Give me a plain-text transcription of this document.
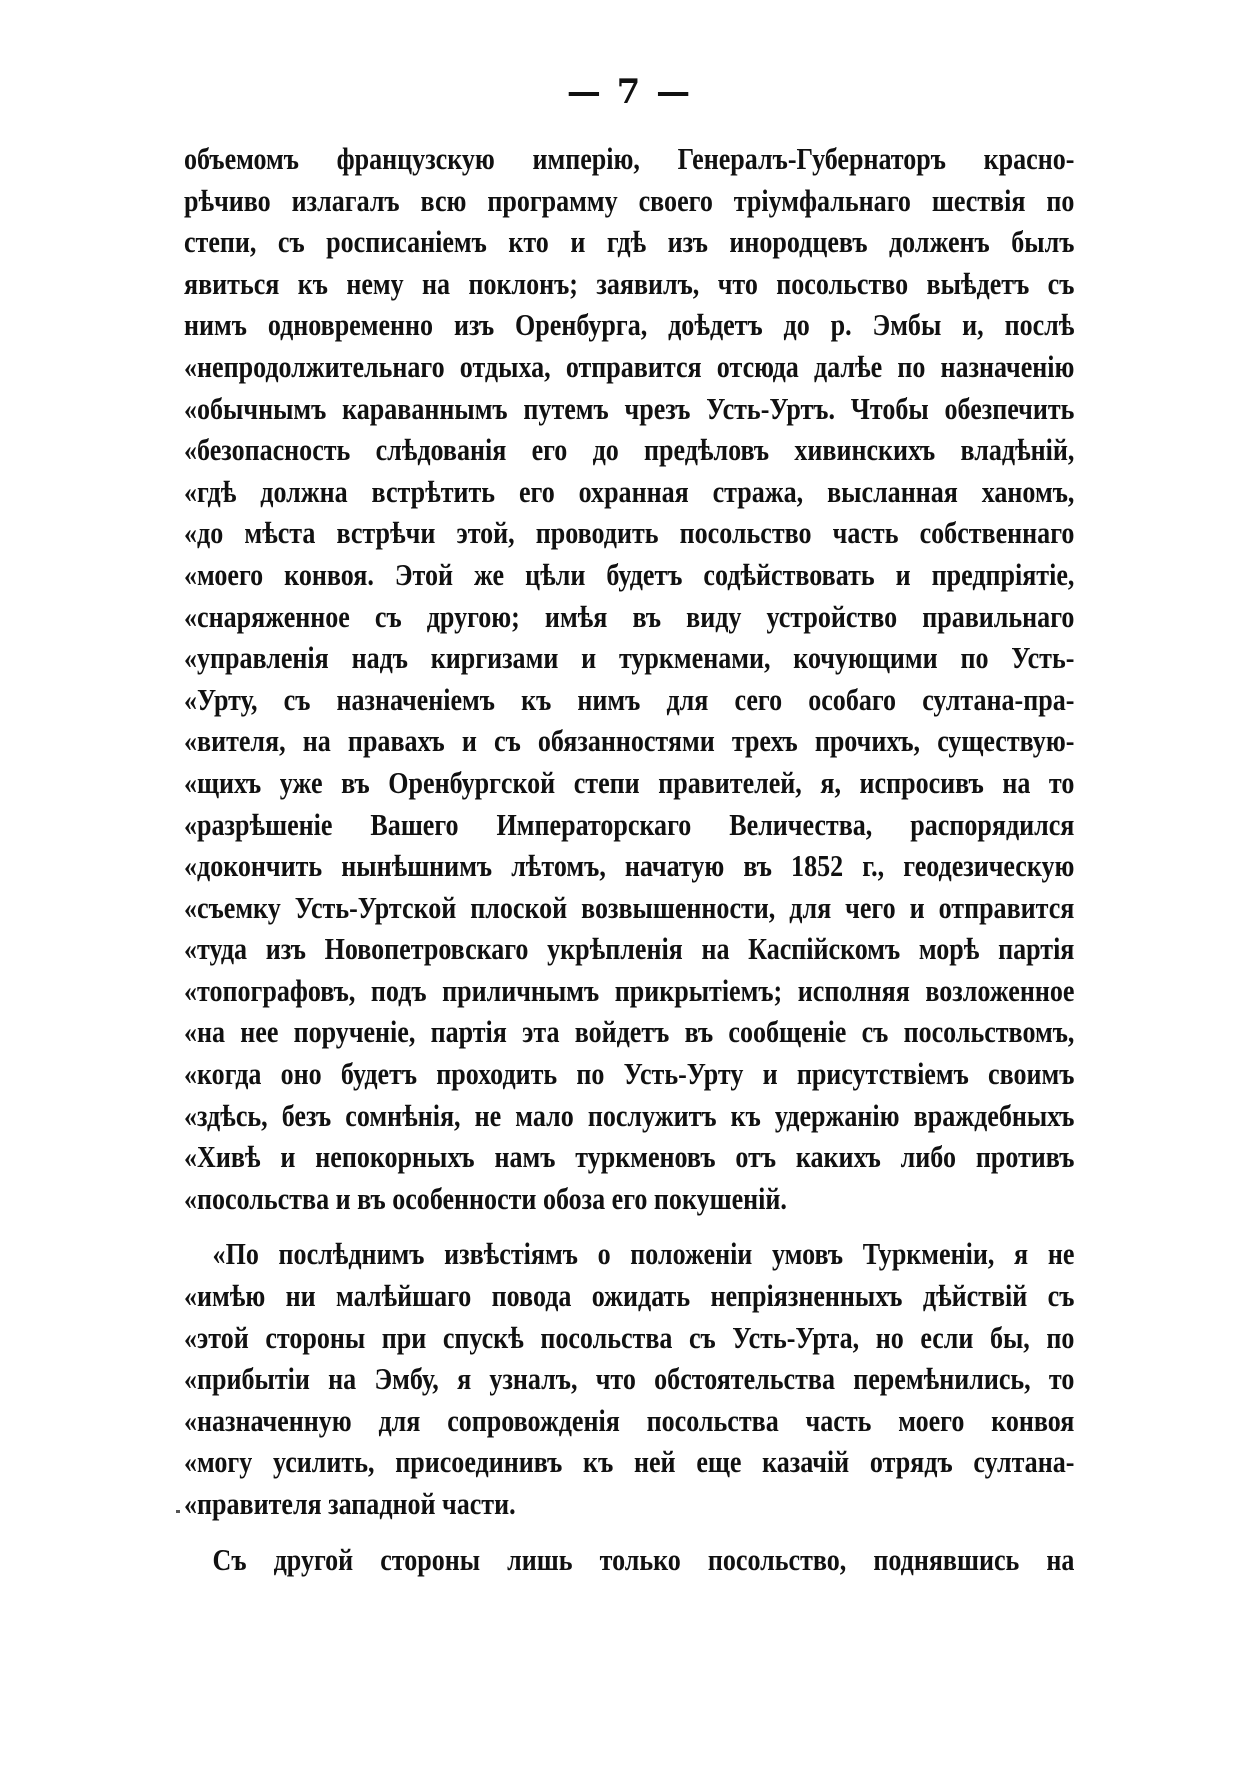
— 7 —
объемомъ французскую имперію, Генералъ-Губернаторъ красно-
рѣчиво излагалъ всю программу своего тріумфальнаго шествія по
степи, съ росписаніемъ кто и гдѣ изъ инородцевъ долженъ былъ
явиться къ нему на поклонъ; заявилъ, что посольство выѣдетъ съ
нимъ одновременно изъ Оренбурга, доѣдетъ до р. Эмбы и, послѣ
«непродолжительнаго отдыха, отправится отсюда далѣе по назначенію
«обычнымъ караваннымъ путемъ чрезъ Усть-Уртъ. Чтобы обезпечить
«безопасность слѣдованія его до предѣловъ хивинскихъ владѣній,
«гдѣ должна встрѣтить его охранная стража, высланная ханомъ,
«до мѣста встрѣчи этой, проводить посольство часть собственнаго
«моего конвоя. Этой же цѣли будетъ содѣйствовать и предпріятіе,
«снаряженное съ другою; имѣя въ виду устройство правильнаго
«управленія надъ киргизами и туркменами, кочующими по Усть-
«Урту, съ назначеніемъ къ нимъ для сего особаго султана-пра-
«вителя, на правахъ и съ обязанностями трехъ прочихъ, существую-
«щихъ уже въ Оренбургской степи правителей, я, испросивъ на то
«разрѣшеніе Вашего Императорскаго Величества, распорядился
«докончить нынѣшнимъ лѣтомъ, начатую въ 1852 г., геодезическую
«съемку Усть-Уртской плоской возвышенности, для чего и отправится
«туда изъ Новопетровскаго укрѣпленія на Каспійскомъ морѣ партія
«топографовъ, подъ приличнымъ прикрытіемъ; исполняя возложенное
«на нее порученіе, партія эта войдетъ въ сообщеніе съ посольствомъ,
«когда оно будетъ проходить по Усть-Урту и присутствіемъ своимъ
«здѣсь, безъ сомнѣнія, не мало послужитъ къ удержанію враждебныхъ
«Хивѣ и непокорныхъ намъ туркменовъ отъ какихъ либо противъ
«посольства и въ особенности обоза его покушеній.
«По послѣднимъ извѣстіямъ о положеніи умовъ Туркменіи, я не
«имѣю ни малѣйшаго повода ожидать непріязненныхъ дѣйствій съ
«этой стороны при спускѣ посольства съ Усть-Урта, но если бы, по
«прибытіи на Эмбу, я узналъ, что обстоятельства перемѣнились, то
«назначенную для сопровожденія посольства часть моего конвоя
«могу усилить, присоединивъ къ ней еще казачій отрядъ султана-
«правителя западной части.
Съ другой стороны лишь только посольство, поднявшись на
